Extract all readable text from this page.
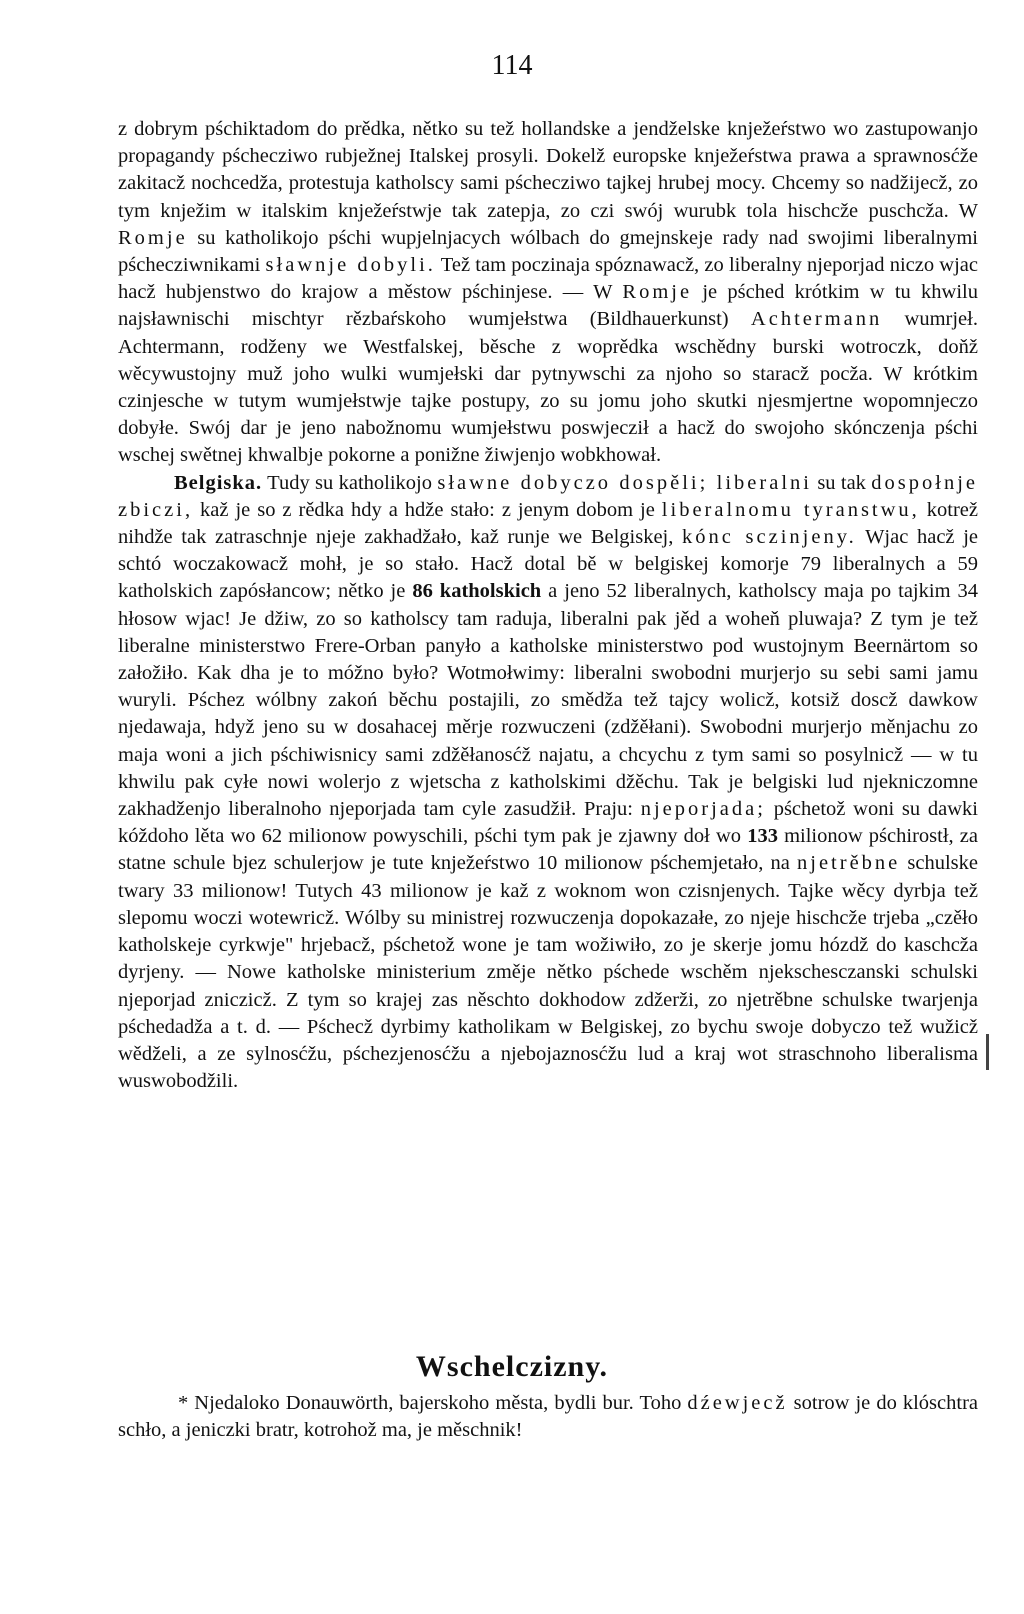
114

z dobrym pśchiktadom do prědka, nětko su tež hollandske a jendželske knježeŕstwo wo zastupowanjo propagandy pśchecziwo rubježnej Italskej prosyli. Dokelž europske knježeŕstwa prawa a sprawnosćže zakitacž nochcedža, protestuja katholscy sami pśchecziwo tajkej hrubej mocy. Chcemy so nadžijecž, zo tym knježim w italskim knježeŕstwje tak zatepja, zo czi swój wurubk tola hischcže puschcža. W Romje su katholikojo pśchi wupjelnjacych wólbach do gmejnskeje rady nad swojimi liberalnymi pśchecziwnikami sławnje dobyli. Tež tam poczinaja spóznawacž, zo liberalny njeporjad niczo wjac hacž hubjenstwo do krajow a městow pśchinjese. — W Romje je pśched krótkim w tu khwilu najsławnischi mischtyr rězbaŕskoho wumjełstwa (Bildhauerkunst) Achtermann wumrjeł. Achtermann, rodženy we Westfalskej, běsche z woprědka wschědny burski wotroczk, doňž wěcywustojny muž joho wulki wumjełski dar pytnywschi za njoho so staracž pocža. W krótkim czinjesche w tutym wumjełstwje tajke postupy, zo su jomu joho skutki njesmjertne wopomnjeczo dobyłe. Swój dar je jeno nabožnomu wumjełstwu poswjecził a hacž do swojoho skónczenja pśchi wschej swětnej khwalbje pokorne a ponižne žiwjenjo wobkhował.

Belgiska. Tudy su katholikojo sławne dobyczo dospěli; liberalni su tak dospołnje zbiczi, kaž je so z rědka hdy a hdže stało: z jenym dobom je liberalnomu tyranstwu, kotrež nihdže tak zatraschnje njeje zakhadžało, kaž runje we Belgiskej, kónc sczinjeny. Wjac hacž je schtó woczakowacž mohł, je so stało. Hacž dotal bě w belgiskej komorje 79 liberalnych a 59 katholskich zapósłancow; nětko je 86 katholskich a jeno 52 liberalnych, katholscy maja po tajkim 34 hłosow wjac! Je džiw, zo so katholscy tam raduja, liberalni pak jěd a woheň pluwaja? Z tym je tež liberalne ministerstwo Frere-Orban panyło a katholske ministerstwo pod wustojnym Beernärtom so załožiło. Kak dha je to móžno było? Wotmołwimy: liberalni swobodni murjerjo su sebi sami jamu wuryli. Pśchez wólbny zakoń běchu postajili, zo smědža tež tajcy wolicž, kotsiž doscž dawkow njedawaja, hdyž jeno su w dosahacej měrje rozwuczeni (zdžěłani). Swobodni murjerjo měnjachu zo maja woni a jich pśchiwisnicy sami zdžěłanosćž najatu, a chcychu z tym sami so posylnicž — w tu khwilu pak cyłe nowi wolerjo z wjetscha z katholskimi džěchu. Tak je belgiski lud njekniczomne zakhadženjo liberalnoho njeporjada tam cyle zasudžił. Praju: njeporjada; pśchetož woni su dawki kóždoho lěta wo 62 milionow powyschili, pśchi tym pak je zjawny doł wo 133 milionow pśchirostł, za statne schule bjez schulerjow je tute knježeŕstwo 10 milionow pśchemjetało, na njetrěbne schulske twary 33 milionow! Tutych 43 milionow je kaž z woknom won czisnjenych. Tajke wěcy dyrbja tež slepomu woczi wotewricž. Wólby su ministrej rozwuczenja dopokazałe, zo njeje hischcže trjeba „czěło katholskeje cyrkwje" hrjebacž, pśchetož wone je tam wožiwiło, zo je skerje jomu hózdž do kaschcža dyrjeny. — Nowe katholske ministerium změje nětko pśchede wschěm njekschesczanski schulski njeporjad zniczicž. Z tym so krajej zas něschto dokhodow zdžerži, zo njetrěbne schulske twarjenja pśchedadža a t. d. — Pśchecž dyrbimy katholikam w Belgiskej, zo bychu swoje dobyczo tež wužicž wědželi, a ze sylnosćžu, pśchezjenosćžu a njebojaznosćžu lud a kraj wot straschnoho liberalisma wuswobodžili.

Wschelczizny.

* Njedaloko Donauwörth, bajerskoho města, bydli bur. Toho dźewjecž sotrow je do klóschtra schło, a jeniczki bratr, kotrohož ma, je měschnik!
